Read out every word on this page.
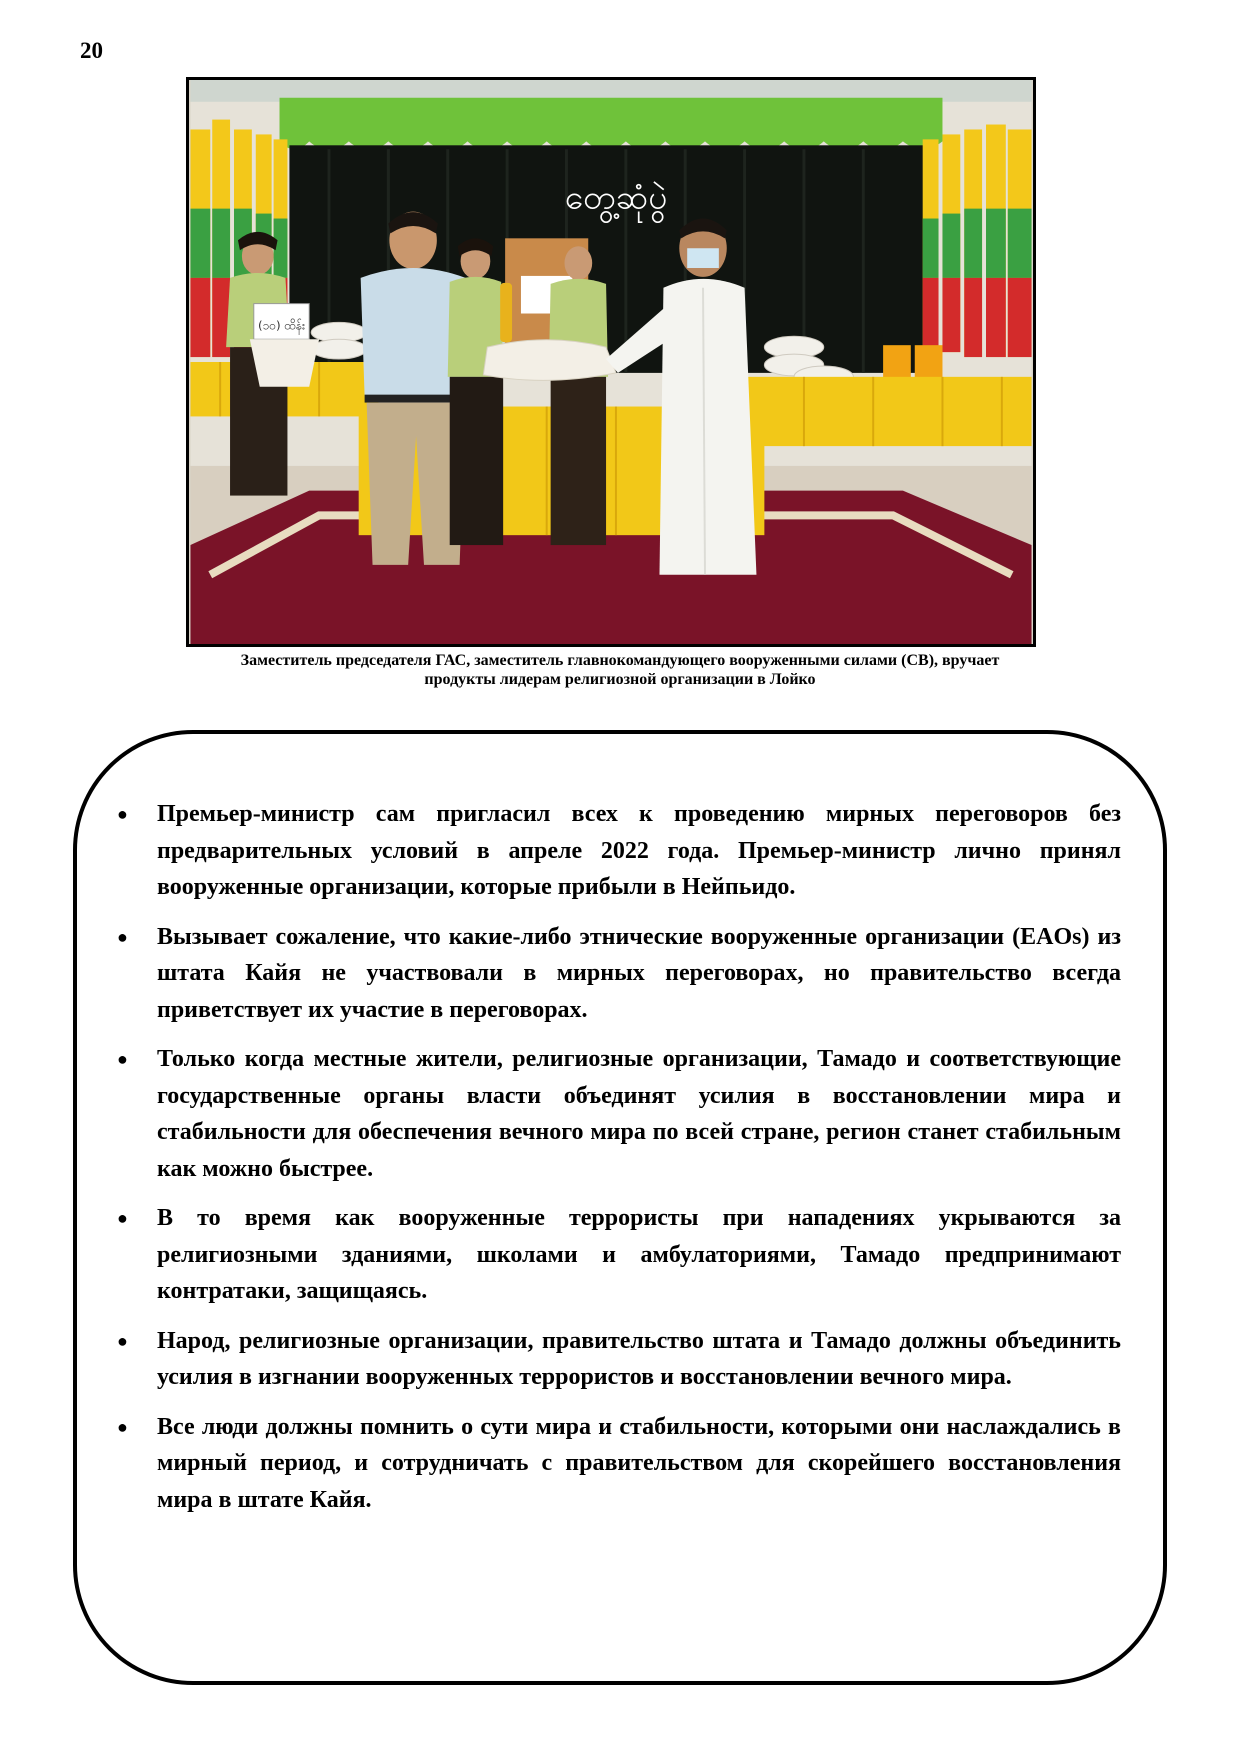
20
တွေ့ဆုံပွဲ
(၁၀) ထိန်း
Заместитель председателя ГАС, заместитель главнокомандующего вооруженными силами (СВ), вручает
продукты лидерам религиозной организации в Лойко
● Премьер-министр сам пригласил всех к проведению мирных переговоров без предварительных условий в апреле 2022 года. Премьер-министр лично принял вооруженные организации, которые прибыли в Нейпьидо.
● Вызывает сожаление, что какие-либо этнические вооруженные организации (EAOs) из штата Кайя не участвовали в мирных переговорах, но правительство всегда приветствует их участие в переговорах.
● Только когда местные жители, религиозные организации, Тамадо и соответствующие государственные органы власти объединят усилия в восстановлении мира и стабильности для обеспечения вечного мира по всей стране, регион станет стабильным как можно быстрее.
● В то время как вооруженные террористы при нападениях укрываются за религиозными зданиями, школами и амбулаториями, Тамадо предпринимают контратаки, защищаясь.
● Народ, религиозные организации, правительство штата и Тамадо должны объединить усилия в изгнании вооруженных террористов и восстановлении вечного мира.
● Все люди должны помнить о сути мира и стабильности, которыми они наслаждались в мирный период, и сотрудничать с правительством для скорейшего восстановления мира в штате Кайя.
